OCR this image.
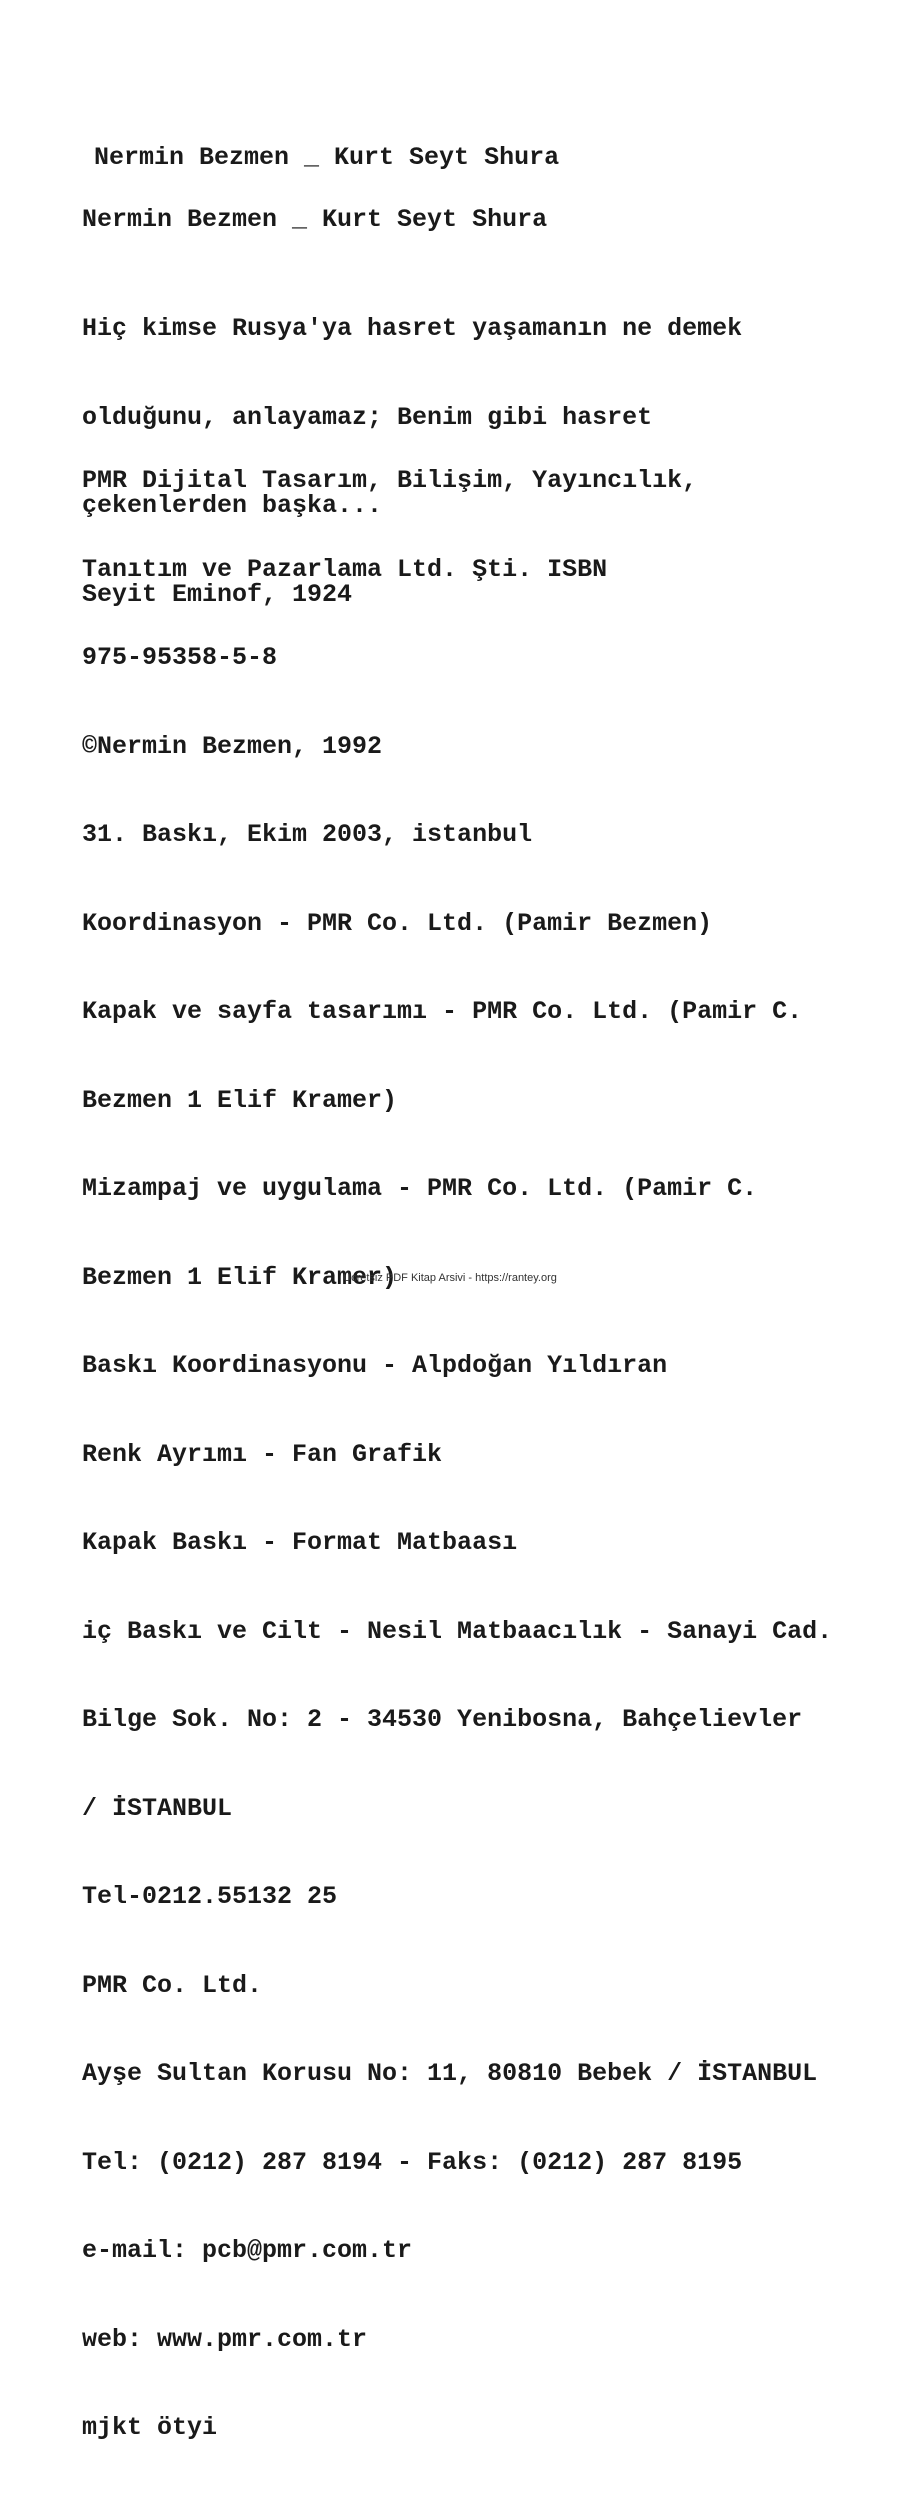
Nermin Bezmen _ Kurt Seyt Shura
Nermin Bezmen _ Kurt Seyt Shura

Hiç kimse Rusya'ya hasret yaşamanın ne demek

olduğunu, anlayamaz; Benim gibi hasret

çekenlerden başka...

Seyit Eminof, 1924

PMR Dijital Tasarım, Bilişim, Yayıncılık,

Tanıtım ve Pazarlama Ltd. Şti. ISBN

975-95358-5-8

©Nermin Bezmen, 1992

31. Baskı, Ekim 2003, istanbul

Koordinasyon - PMR Co. Ltd. (Pamir Bezmen)

Kapak ve sayfa tasarımı - PMR Co. Ltd. (Pamir C.

Bezmen 1 Elif Kramer)

Mizampaj ve uygulama - PMR Co. Ltd. (Pamir C.

Bezmen 1 Elif Kramer)

Baskı Koordinasyonu - Alpdoğan Yıldıran

Renk Ayrımı - Fan Grafik

Kapak Baskı - Format Matbaası

iç Baskı ve Cilt - Nesil Matbaacılık - Sanayi Cad.

Bilge Sok. No: 2 - 34530 Yenibosna, Bahçelievler

/ İSTANBUL

Tel-0212.55132 25

PMR Co. Ltd.

Ayşe Sultan Korusu No: 11, 80810 Bebek / İSTANBUL

Tel: (0212) 287 8194 - Faks: (0212) 287 8195

e-mail: pcb@pmr.com.tr

web: www.pmr.com.tr

mjkt ötyi

Ücretsiz PDF Kitap Arsivi - https://rantey.org
